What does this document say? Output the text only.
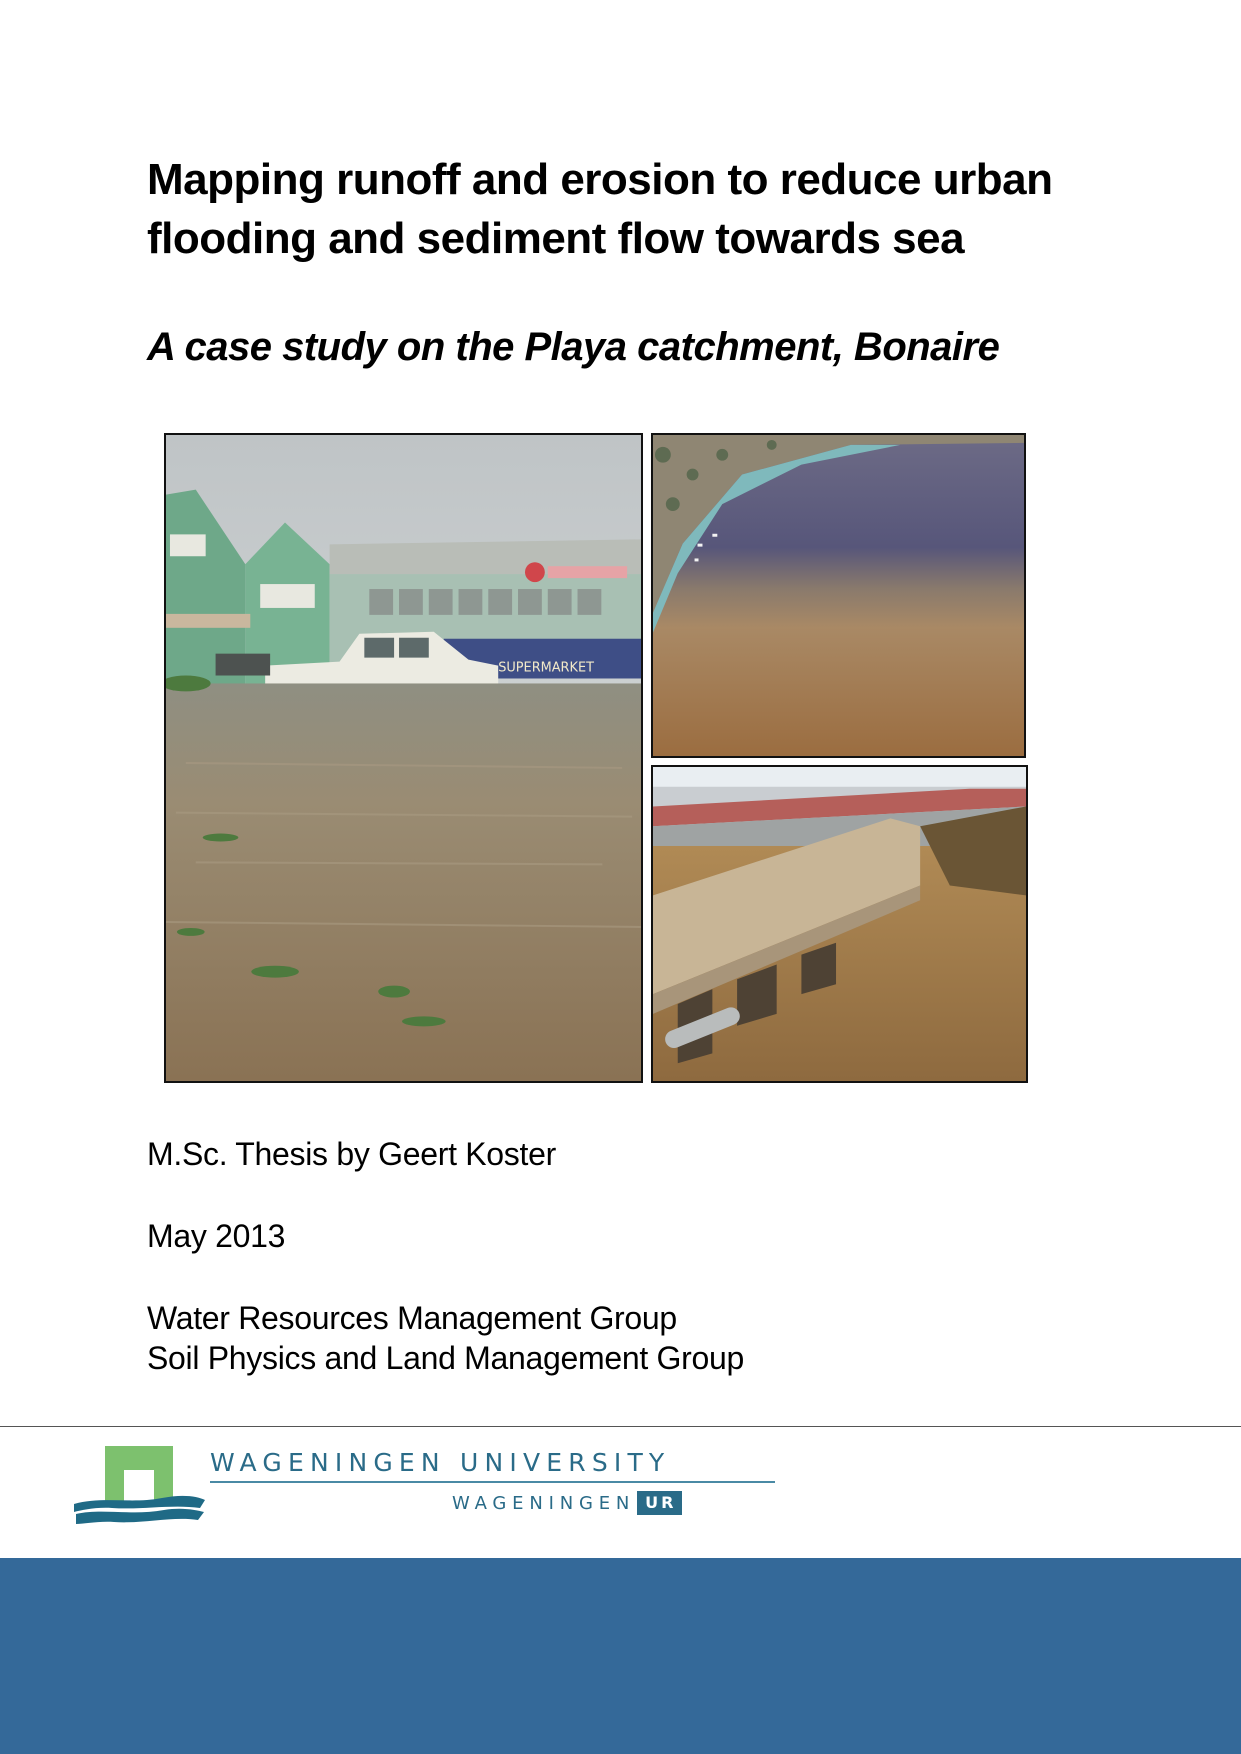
Mapping runoff and erosion to reduce urban flooding and sediment flow towards sea
A case study on the Playa catchment, Bonaire
SUPERMARKET

M.Sc. Thesis by Geert Koster

May 2013

Water Resources Management Group

Soil Physics and Land Management Group

WAGENINGEN UNIVERSITY

WAGENINGEN UR
